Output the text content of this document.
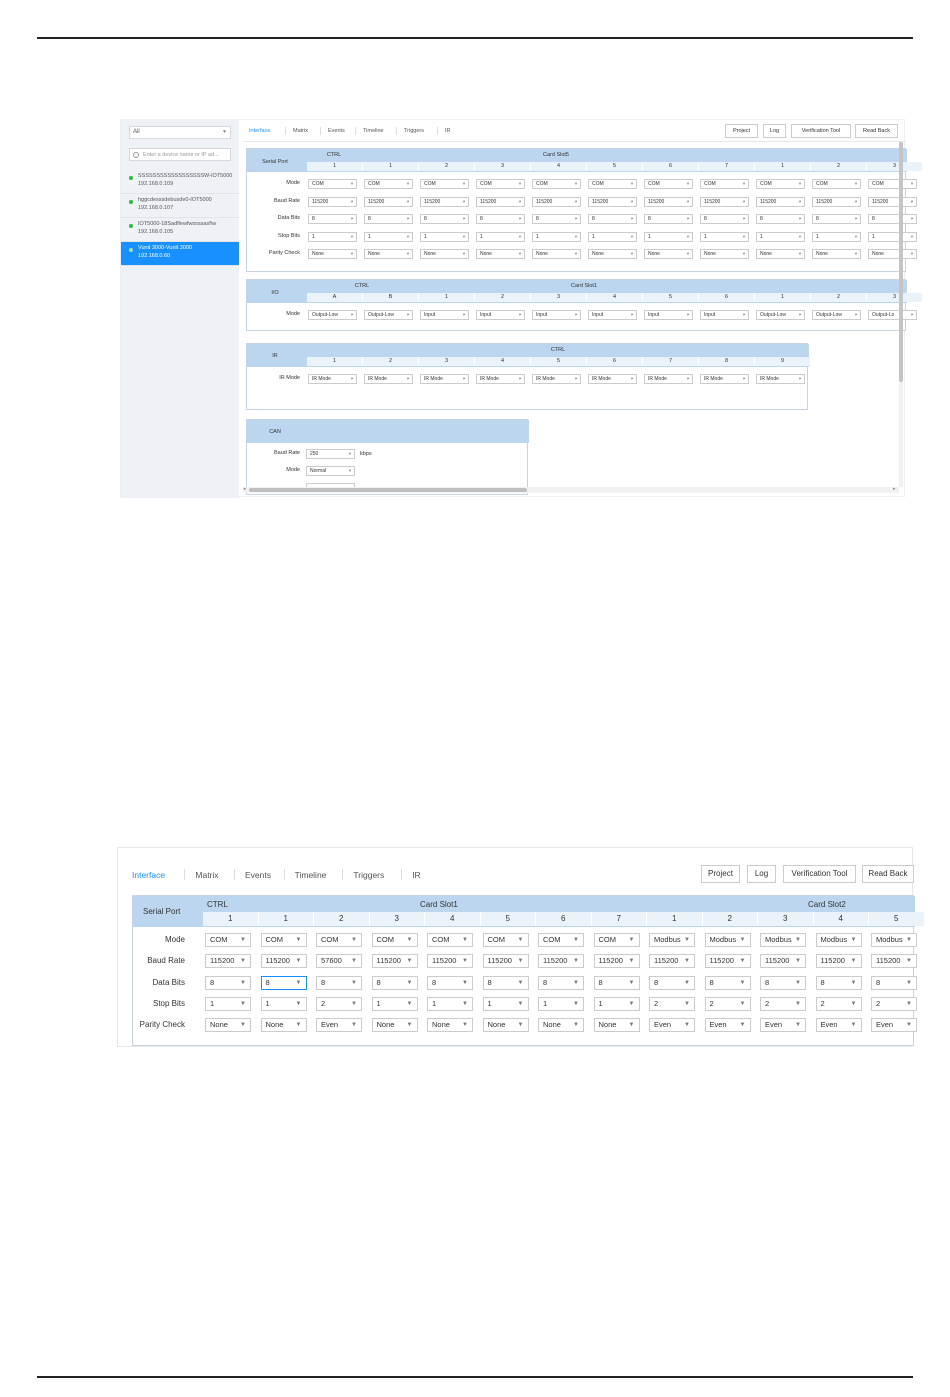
All	▼
Enter a device name or IP ad...
SSSSSSSSSSSSSSSSSSW-IOT5000
192.168.0.109
hggcdesssdebusde0-IOT5000
192.168.0.107
IOT5000-18Sadflewfwssssasf\w
192.168.0.105
Vunit 3000-Vunit 3000
192.168.0.60
Interface	Matrix	Events	Timeline	Triggers	IR	Project	Log	Verification Tool	Read Back
Serial Port
CTRL	Card Slot5
1	1	2	3	4	5	6	7	1	2	3
Mode	COM	▼	COM	▼	COM	▼	COM	▼	COM	▼	COM	▼	COM	▼	COM	▼	COM	▼	COM	▼	COM	▼
Baud Rate	115200	▼	115200	▼	115200	▼	115200	▼	115200	▼	115200	▼	115200	▼	115200	▼	115200	▼	115200	▼	115200	▼
Data Bits	8	▼	8	▼	8	▼	8	▼	8	▼	8	▼	8	▼	8	▼	8	▼	8	▼	8	▼
Stop Bits	1	▼	1	▼	1	▼	1	▼	1	▼	1	▼	1	▼	1	▼	1	▼	1	▼	1	▼
Parity Check	None	▼	None	▼	None	▼	None	▼	None	▼	None	▼	None	▼	None	▼	None	▼	None	▼	None	▼
I/O
CTRL	Card Slot1
A	B	1	2	3	4	5	6	1	2	3
Mode	Output-Low	▼	Output-Low	▼	Input	▼	Input	▼	Input	▼	Input	▼	Input	▼	Input	▼	Output-Low	▼	Output-Low	▼	Output-Lo	▼
IR
CTRL
1	2	3	4	5	6	7	8	9
IR Mode	IR Mode	▼	IR Mode	▼	IR Mode	▼	IR Mode	▼	IR Mode	▼	IR Mode	▼	IR Mode	▼	IR Mode	▼	IR Mode	▼
CAN
Baud Rate	250	▼ kbps
Mode	Normal	▼
◂	▸
Interface	Matrix	Events	Timeline	Triggers	IR	Project	Log	Verification Tool	Read Back
Serial Port
CTRL	Card Slot1	Card Slot2
1	1	2	3	4	5	6	7	1	2	3	4	5
Mode	COM ▼	COM ▼	COM ▼	COM ▼	COM ▼	COM ▼	COM ▼	COM ▼	Modbus ▼	Modbus ▼	Modbus ▼	Modbus ▼	Modbus ▼
Baud Rate	115200 ▼	115200 ▼	57600 ▼	115200 ▼	115200 ▼	115200 ▼	115200 ▼	115200 ▼	115200 ▼	115200 ▼	115200 ▼	115200 ▼	115200 ▼
Data Bits	8	▼	8	▼	8	▼	8	▼	8	▼	8	▼	8	▼	8	▼	8	▼	8	▼	8	▼	8	▼	8	▼
Stop Bits	1	▼	1	▼	2	▼	1	▼	1	▼	1	▼	1	▼	1	▼	2	▼	2	▼	2	▼	2	▼	2	▼
Parity Check	None ▼	None ▼	Even ▼	None ▼	None ▼	None ▼	None ▼	None ▼	Even ▼	Even ▼	Even ▼	Even ▼	Even ▼
